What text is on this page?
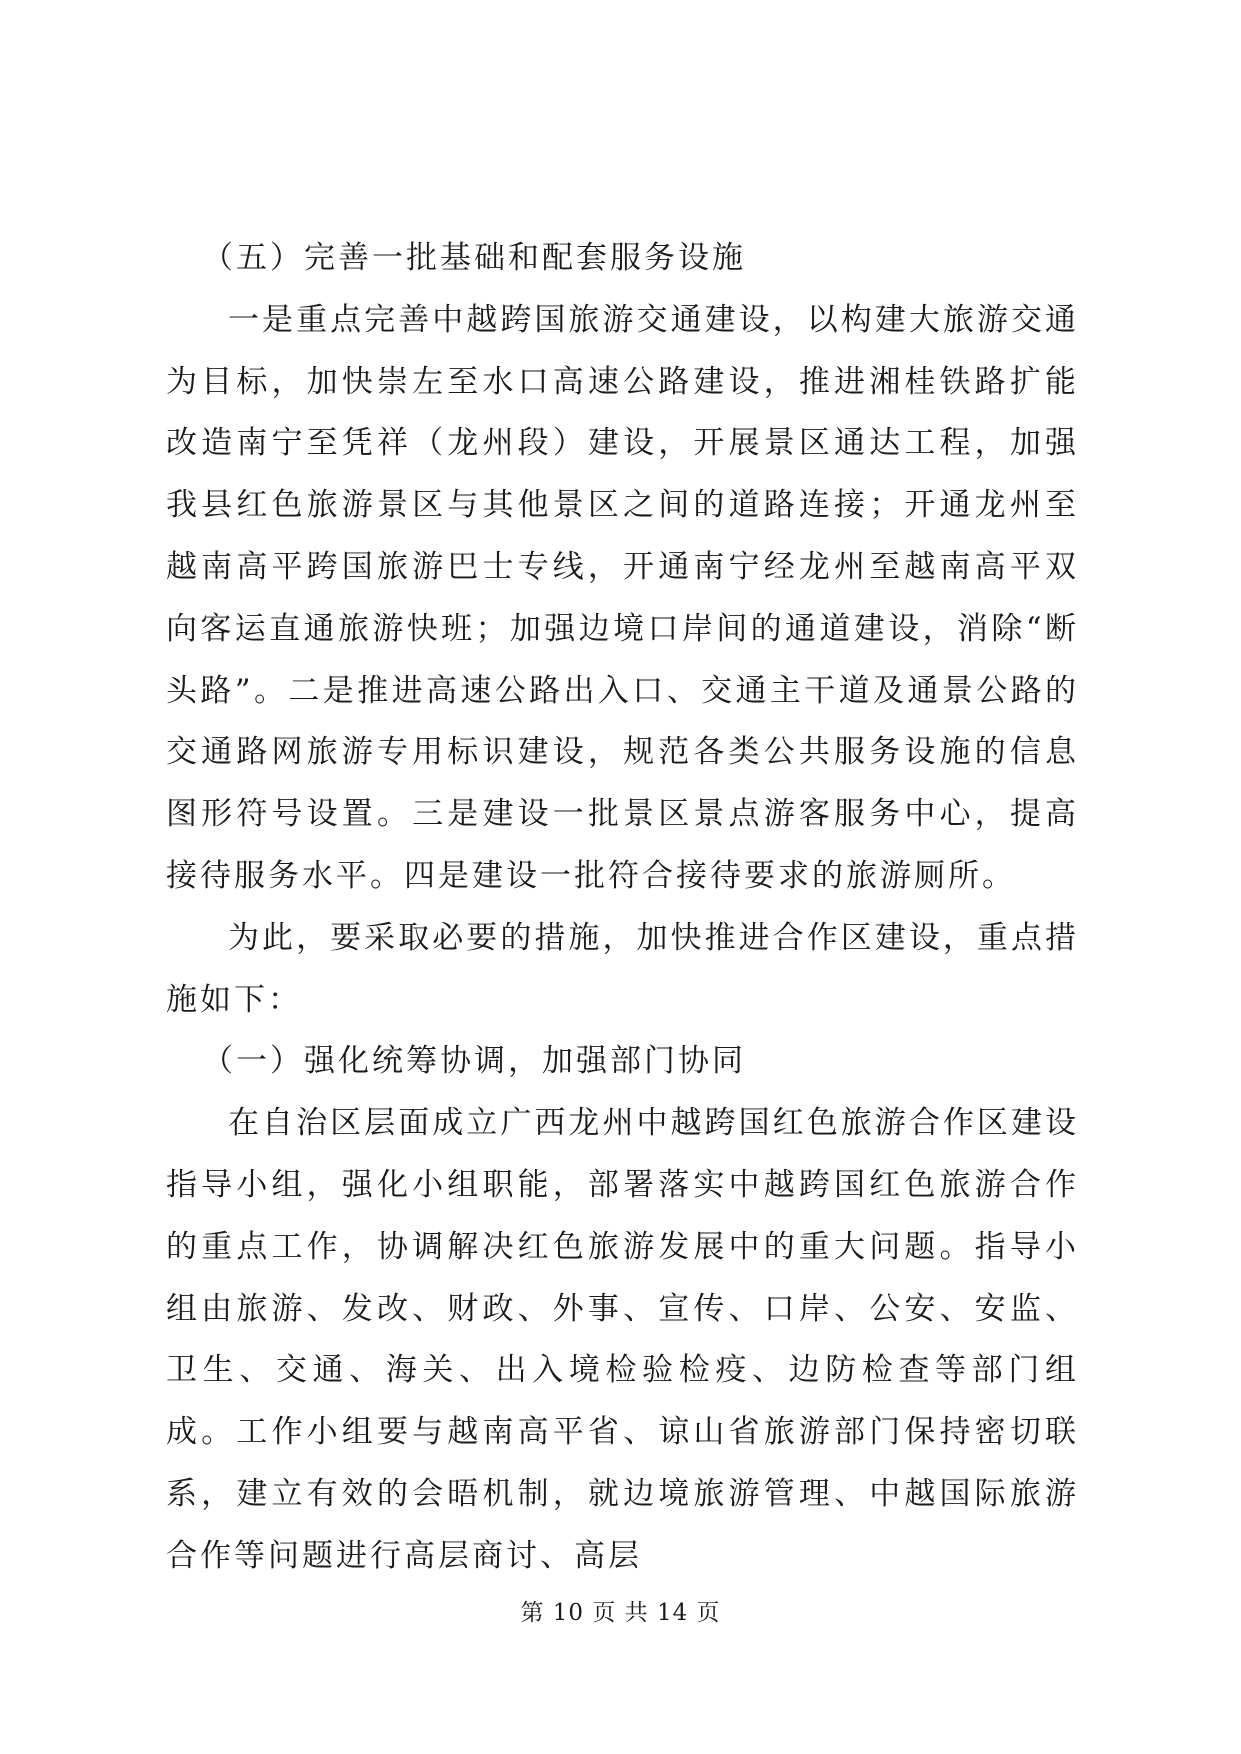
（五）完善一批基础和配套服务设施

一是重点完善中越跨国旅游交通建设，以构建大旅游交通为目标，加快崇左至水口高速公路建设，推进湘桂铁路扩能改造南宁至凭祥（龙州段）建设，开展景区通达工程，加强我县红色旅游景区与其他景区之间的道路连接；开通龙州至越南高平跨国旅游巴士专线，开通南宁经龙州至越南高平双向客运直通旅游快班；加强边境口岸间的通道建设，消除“断头路”。二是推进高速公路出入口、交通主干道及通景公路的交通路网旅游专用标识建设，规范各类公共服务设施的信息图形符号设置。三是建设一批景区景点游客服务中心，提高接待服务水平。四是建设一批符合接待要求的旅游厕所。

为此，要采取必要的措施，加快推进合作区建设，重点措施如下：

（一）强化统筹协调，加强部门协同

在自治区层面成立广西龙州中越跨国红色旅游合作区建设指导小组，强化小组职能，部署落实中越跨国红色旅游合作的重点工作，协调解决红色旅游发展中的重大问题。指导小组由旅游、发改、财政、外事、宣传、口岸、公安、安监、卫生、交通、海关、出入境检验检疫、边防检查等部门组成。工作小组要与越南高平省、谅山省旅游部门保持密切联系，建立有效的会晤机制，就边境旅游管理、中越国际旅游合作等问题进行高层商讨、高层

第 10 页 共 14 页
